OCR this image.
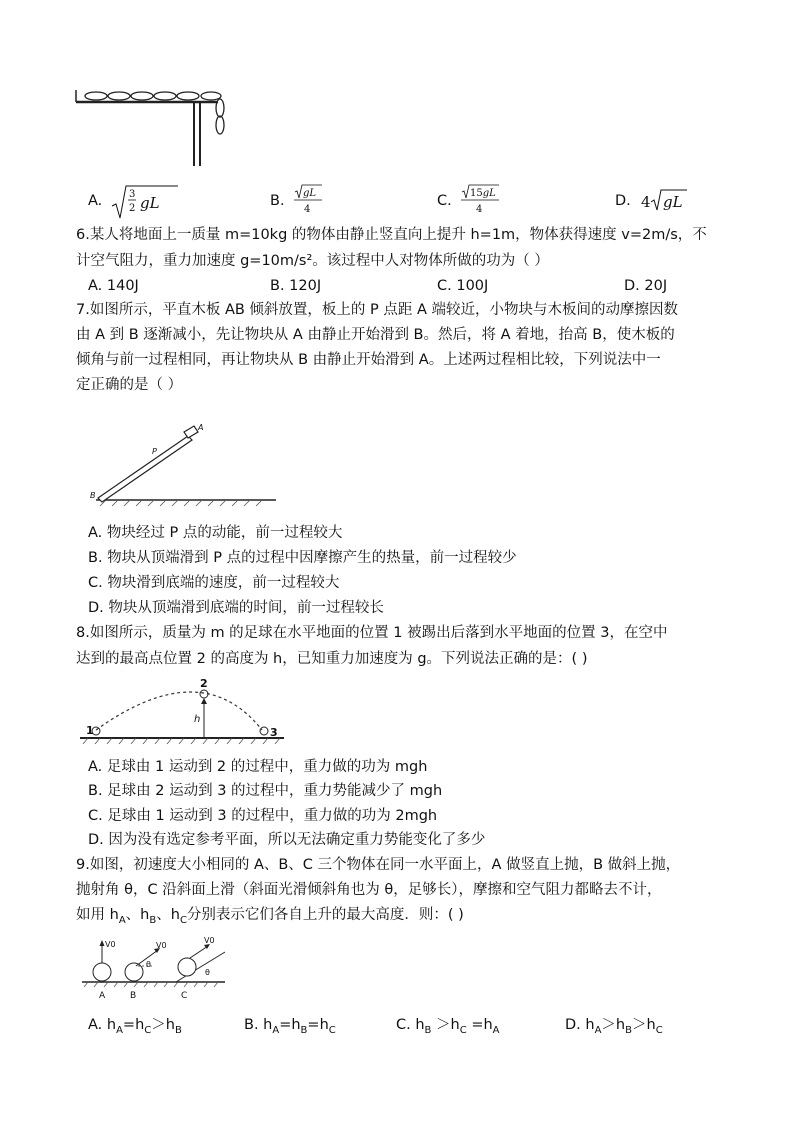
A.	3
2 gL	B. gL
4
C. 15gL
4
D. 4 gL
6.某人将地面上一质量 m=10kg 的物体由静止竖直向上提升 h=1m，物体获得速度 v=2m/s，不
计空气阻力，重力加速度 g=10m/s²。该过程中人对物体所做的功为（ ）
A. 140J	B. 120J	C. 100J	D. 20J
7.如图所示，平直木板 AB 倾斜放置，板上的 P 点距 A 端较近，小物块与木板间的动摩擦因数
由 A 到 B 逐渐减小，先让物块从 A 由静止开始滑到 B。然后，将 A 着地，抬高 B，使木板的
倾角与前一过程相同，再让物块从 B 由静止开始滑到 A。上述两过程相比较，下列说法中一
定正确的是（ ）
A
P
B
A. 物块经过 P 点的动能，前一过程较大
B. 物块从顶端滑到 P 点的过程中因摩擦产生的热量，前一过程较少
C. 物块滑到底端的速度，前一过程较大
D. 物块从顶端滑到底端的时间，前一过程较长
8.如图所示，质量为 m 的足球在水平地面的位置 1 被踢出后落到水平地面的位置 3，在空中
达到的最高点位置 2 的高度为 h，已知重力加速度为 g。下列说法正确的是：( )
1
2
3
h
A. 足球由 1 运动到 2 的过程中，重力做的功为 mgh
B. 足球由 2 运动到 3 的过程中，重力势能减少了 mgh
C. 足球由 1 运动到 3 的过程中，重力做的功为 2mgh
D. 因为没有选定参考平面，所以无法确定重力势能变化了多少
9.如图，初速度大小相同的 A、B、C 三个物体在同一水平面上，A 做竖直上抛，B 做斜上抛，
抛射角 θ，C 沿斜面上滑（斜面光滑倾斜角也为 θ，足够长），摩擦和空气阻力都略去不计，
如用 $h_A$、$h_B$、$h_C$分别表示它们各自上升的最大高度．则：( )
V0	V0
V0
θ
θ
A	B	C
A. $h_A=h_C>h_B$	B. $h_A=h_B=h_C$	C. $h_B >h_C =h_A$	D. $h_A>h_B>h_C$
